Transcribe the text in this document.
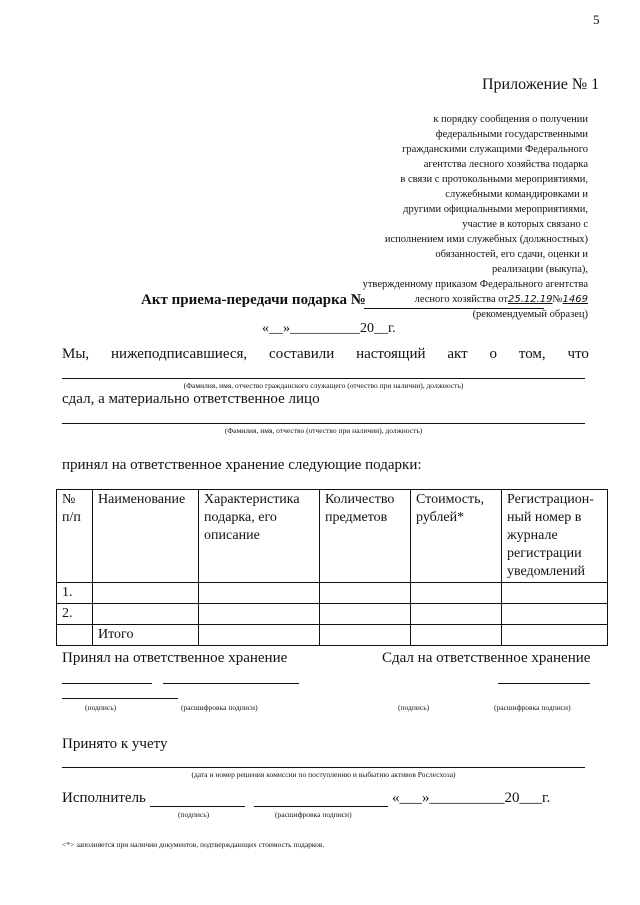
5
Приложение № 1
к порядку сообщения о получении
федеральными государственными
гражданскими служащими Федерального
агентства лесного хозяйства подарка
в связи с протокольными мероприятиями,
служебными командировками и
другими официальными мероприятиями,
участие в которых связано с
исполнением ими служебных (должностных)
обязанностей, его сдачи, оценки и
реализации (выкупа),
утвержденному приказом Федерального агентства
лесного хозяйства от25.12.19№1469
(рекомендуемый образец)
Акт приема-передачи подарка №
«__»__________20__г.
Мы, нижеподписавшиеся, составили настоящий акт о том, что
(Фамилия, имя, отчество гражданского служащего (отчество при наличии), должность)
сдал, а материально ответственное лицо
(Фамилия, имя, отчество (отчество при наличии), должность)
принял на ответственное хранение следующие подарки:
№ п/п	Наименование	Характеристика подарка, его описание	Количество предметов	Стоимость, рублей*	Регистрацион-ный номер в журнале регистрации уведомлений
1.					
2.					
	Итого				
Принял на ответственное хранение	Сдал на ответственное хранение
(подпись)	(расшифровка подписи)	(подпись)	(расшифровка подписи)
Принято к учету
(дата и номер решения комиссии по поступлению и выбытию активов Рослесхоза)
Исполнитель	«___»__________20___г.
(подпись)	(расшифровка подписи)
<*> заполняется при наличии документов, подтверждающих стоимость подарков.
